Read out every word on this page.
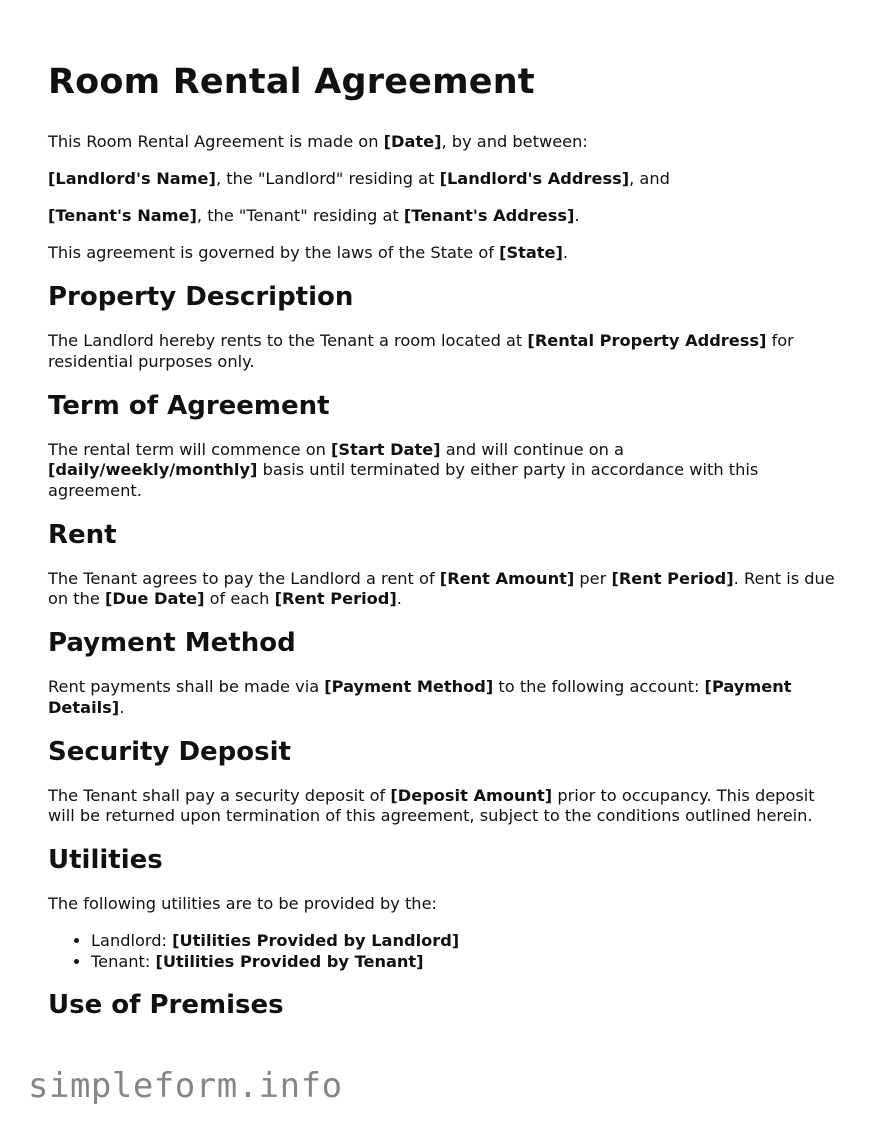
Room Rental Agreement

This Room Rental Agreement is made on [Date], by and between:

[Landlord's Name], the "Landlord" residing at [Landlord's Address], and

[Tenant's Name], the "Tenant" residing at [Tenant's Address].

This agreement is governed by the laws of the State of [State].

Property Description

The Landlord hereby rents to the Tenant a room located at [Rental Property Address] for residential purposes only.

Term of Agreement

The rental term will commence on [Start Date] and will continue on a [daily/weekly/monthly] basis until terminated by either party in accordance with this agreement.

Rent

The Tenant agrees to pay the Landlord a rent of [Rent Amount] per [Rent Period]. Rent is due on the [Due Date] of each [Rent Period].

Payment Method

Rent payments shall be made via [Payment Method] to the following account: [Payment Details].

Security Deposit

The Tenant shall pay a security deposit of [Deposit Amount] prior to occupancy. This deposit will be returned upon termination of this agreement, subject to the conditions outlined herein.

Utilities

The following utilities are to be provided by the:

• Landlord: [Utilities Provided by Landlord]
• Tenant: [Utilities Provided by Tenant]
Use of Premises
simpleform.info
